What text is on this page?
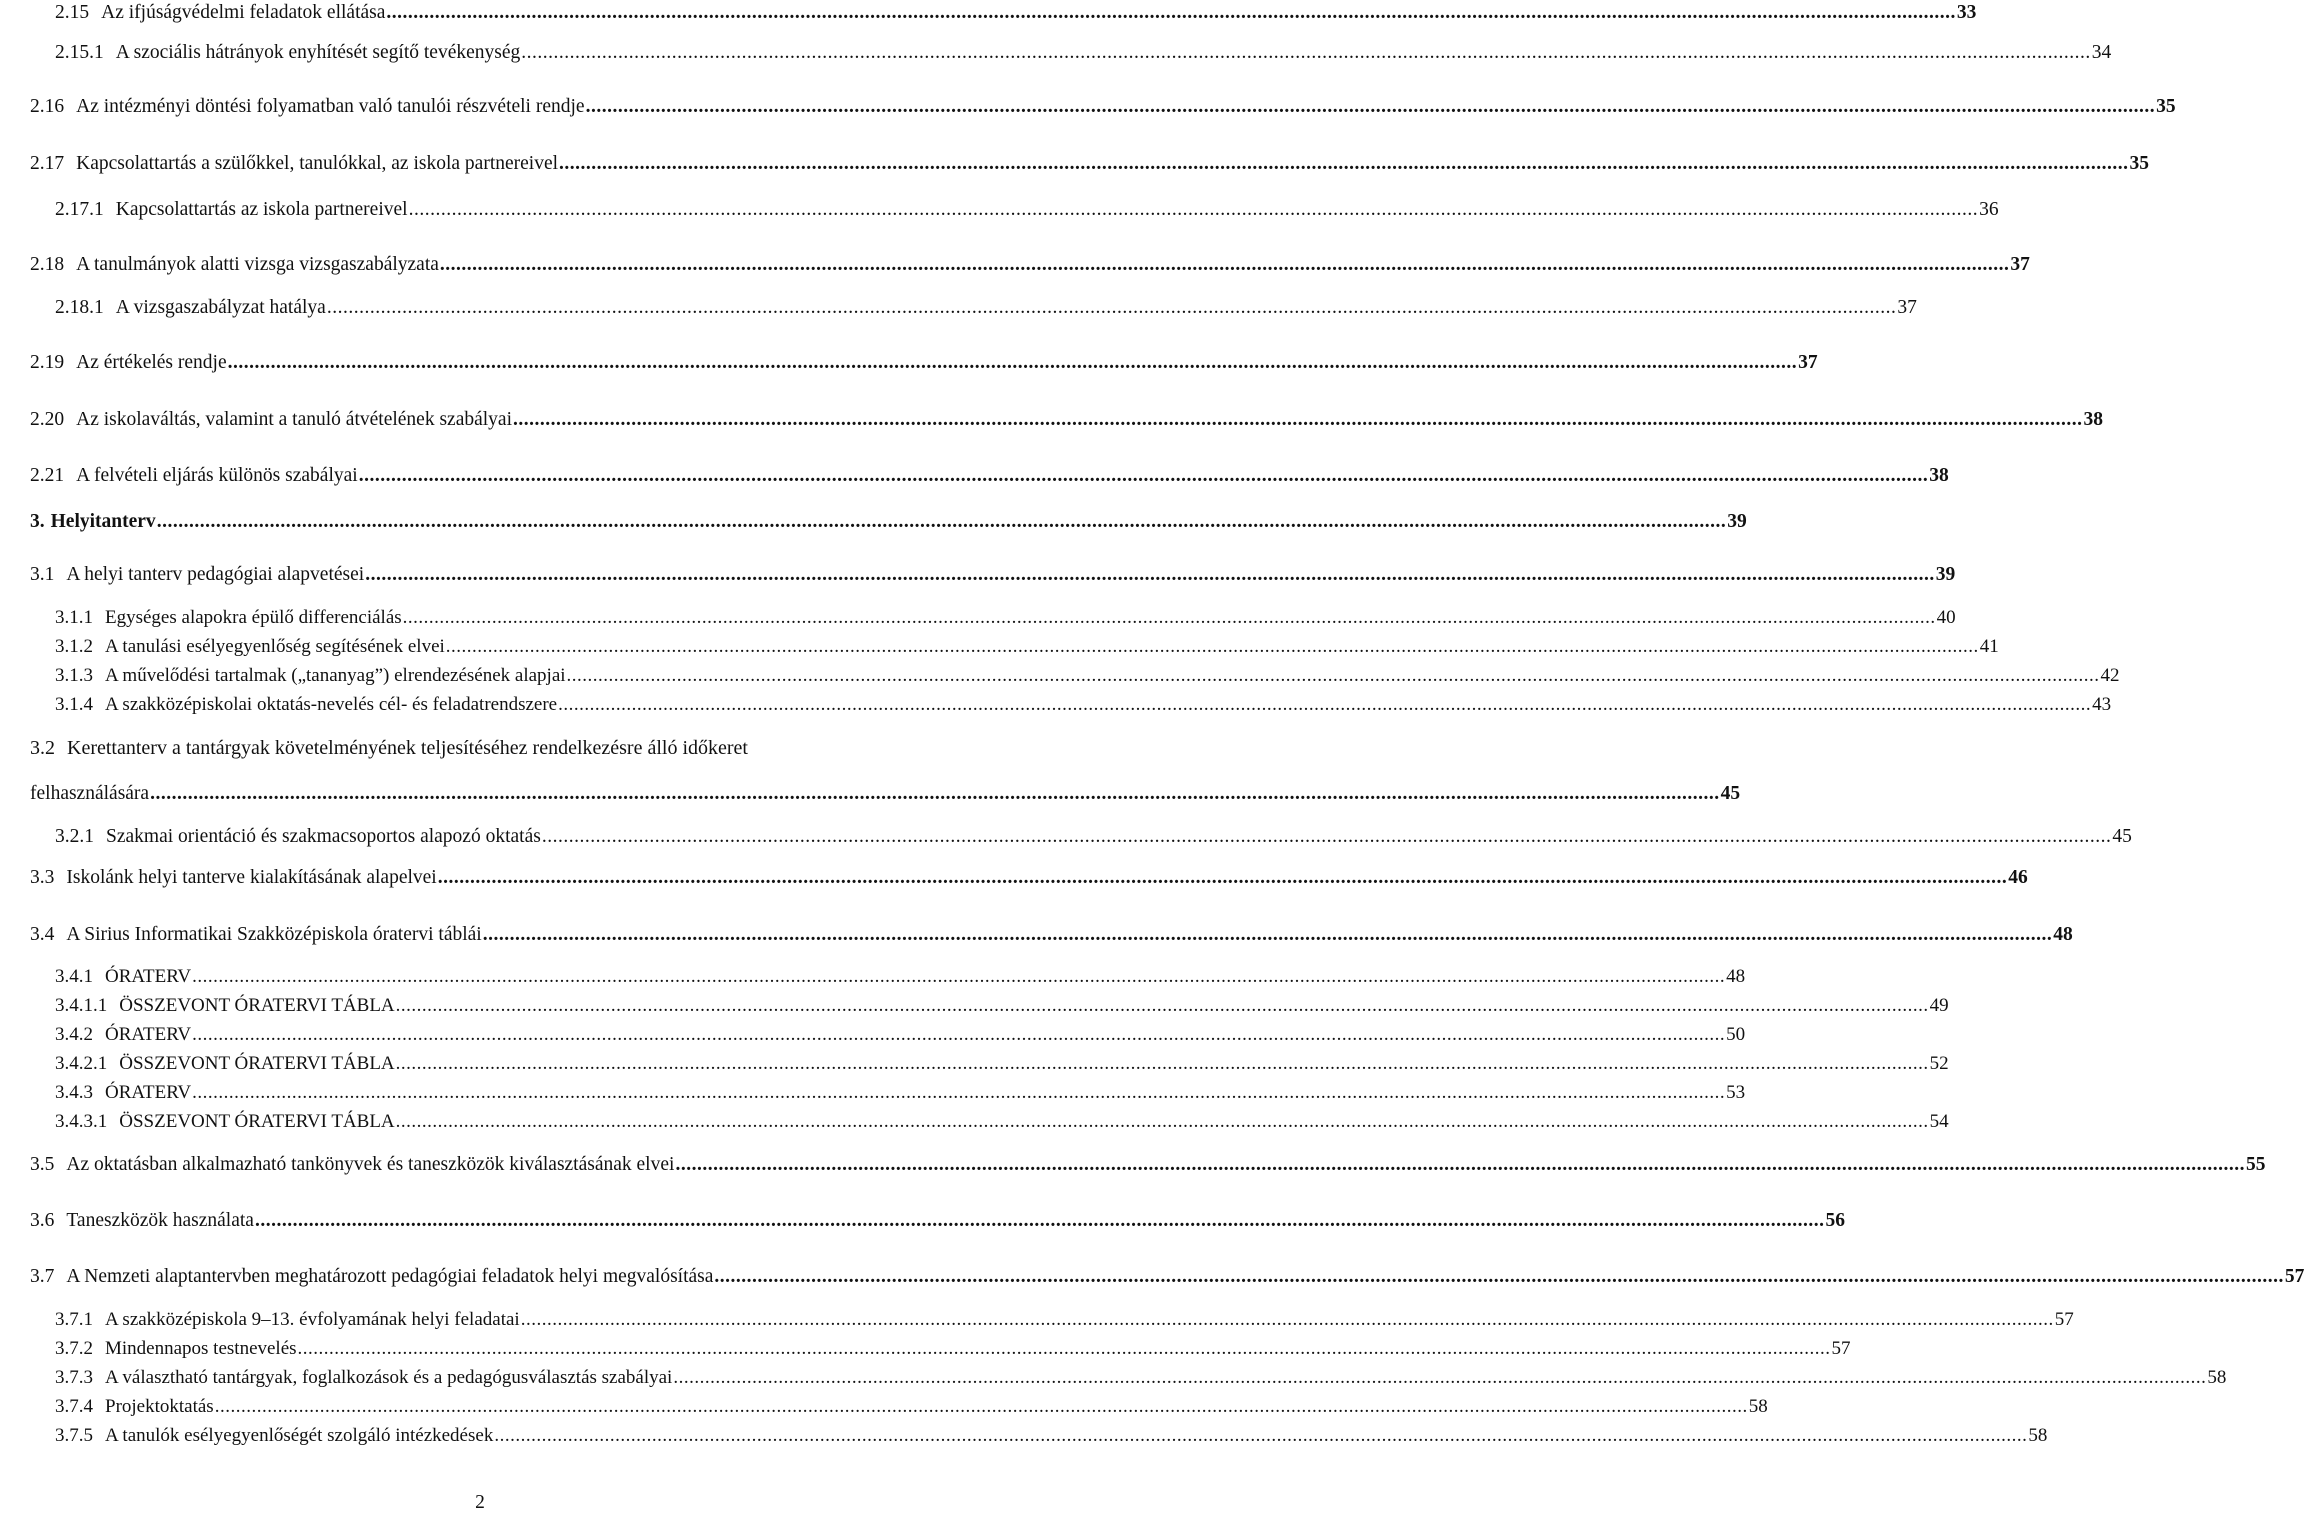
2.15 Az ifjúságvédelmi feladatok ellátása .....	33
2.15.1 A szociális hátrányok enyhítését segítő tevékenység .....	34
2.16 Az intézményi döntési folyamatban való tanulói részvételi rendje .....	35
2.17 Kapcsolattartás a szülőkkel, tanulókkal, az iskola partnereivel .....	35
2.17.1 Kapcsolattartás az iskola partnereivel .....	36
2.18 A tanulmányok alatti vizsga vizsgaszabályzata .....	37
2.18.1 A vizsgaszabályzat hatálya .....	37
2.19 Az értékelés rendje .....	37
2.20 Az iskolaváltás, valamint a tanuló átvételének szabályai .....	38
2.21 A felvételi eljárás különös szabályai .....	38
3. Helyitanterv .....	39
3.1 A helyi tanterv pedagógiai alapvetései .....	39
3.1.1 Egységes alapokra épülő differenciálás .....	40
3.1.2 A tanulási esélyegyenlőség segítésének elvei .....	41
3.1.3 A művelődési tartalmak („tananyag”) elrendezésének alapjai .....	42
3.1.4 A szakközépiskolai oktatás-nevelés cél- és feladatrendszere .....	43
3.2 Kerettanterv a tantárgyak követelményének teljesítéséhez rendelkezésre álló időkeret
felhasználására .....	45
3.2.1 Szakmai orientáció és szakmacsoportos alapozó oktatás .....	45
3.3 Iskolánk helyi tanterve kialakításának alapelvei .....	46
3.4 A Sirius Informatikai Szakközépiskola óratervi táblái .....	48
3.4.1 ÓRATERV .....	48
3.4.1.1 ÖSSZEVONT ÓRATERVI TÁBLA .....	49
3.4.2 ÓRATERV .....	50
3.4.2.1 ÖSSZEVONT ÓRATERVI TÁBLA .....	52
3.4.3 ÓRATERV .....	53
3.4.3.1 ÖSSZEVONT ÓRATERVI TÁBLA .....	54
3.5 Az oktatásban alkalmazható tankönyvek és taneszközök kiválasztásának elvei .....	55
3.6 Taneszközök használata .....	56
3.7 A Nemzeti alaptantervben meghatározott pedagógiai feladatok helyi megvalósítása .....	57
3.7.1 A szakközépiskola 9–13. évfolyamának helyi feladatai .....	57
3.7.2 Mindennapos testnevelés .....	57
3.7.3 A választható tantárgyak, foglalkozások és a pedagógusválasztás szabályai .....	58
3.7.4 Projektoktatás .....	58
3.7.5 A tanulók esélyegyenlőségét szolgáló intézkedések .....	58
2
